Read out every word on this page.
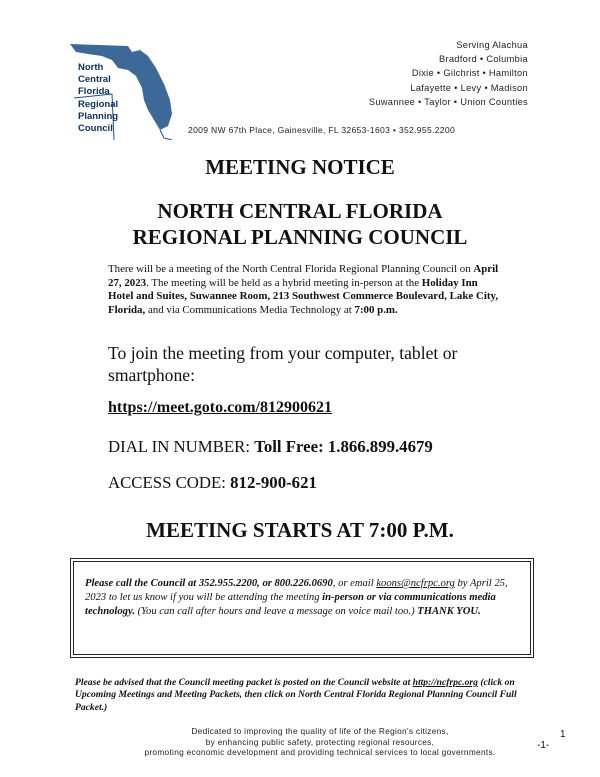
North
Central
Florida
Regional
Planning
Council
Serving Alachua
Bradford • Columbia
Dixie • Gilchrist • Hamilton
Lafayette • Levy • Madison
Suwannee • Taylor • Union Counties
2009 NW 67th Place, Gainesville, FL 32653-1603 • 352.955.2200
MEETING NOTICE
NORTH CENTRAL FLORIDA
REGIONAL PLANNING COUNCIL
There will be a meeting of the North Central Florida Regional Planning Council on April 27, 2023. The meeting will be held as a hybrid meeting in-person at the Holiday Inn Hotel and Suites, Suwannee Room, 213 Southwest Commerce Boulevard, Lake City, Florida, and via Communications Media Technology at 7:00 p.m.
To join the meeting from your computer, tablet or smartphone:
https://meet.goto.com/812900621
DIAL IN NUMBER: Toll Free: 1.866.899.4679
ACCESS CODE: 812-900-621
MEETING STARTS AT 7:00 P.M.
Please call the Council at 352.955.2200, or 800.226.0690, or email koons@ncfrpc.org by April 25, 2023 to let us know if you will be attending the meeting in-person or via communications media technology. (You can call after hours and leave a message on voice mail too.) THANK YOU.
Please be advised that the Council meeting packet is posted on the Council website at http://ncfrpc.org (click on Upcoming Meetings and Meeting Packets, then click on North Central Florida Regional Planning Council Full Packet.)
Dedicated to improving the quality of life of the Region's citizens,
by enhancing public safety, protecting regional resources,
promoting economic development and providing technical services to local governments.
1
-1-
